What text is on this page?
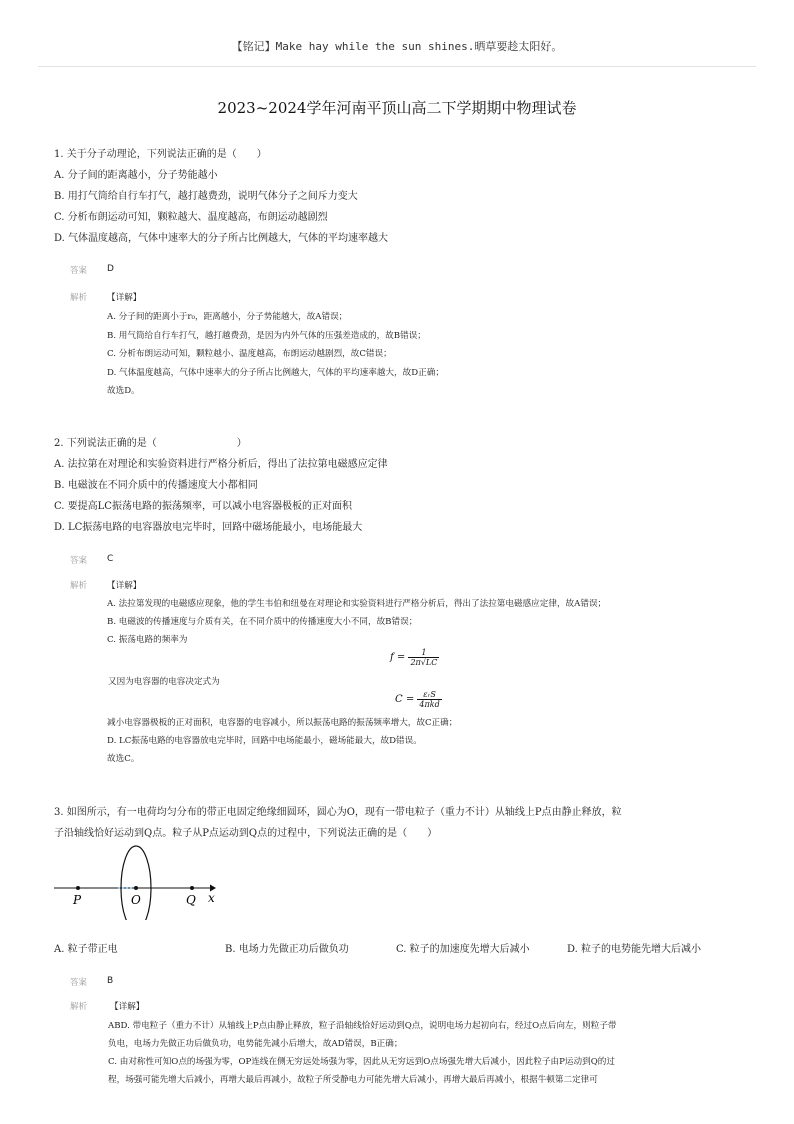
【铭记】Make hay while the sun shines.晒草要趁太阳好。
2023~2024学年河南平顶山高二下学期期中物理试卷
1. 关于分子动理论，下列说法正确的是（　　）
A. 分子间的距离越小，分子势能越小
B. 用打气筒给自行车打气，越打越费劲，说明气体分子之间斥力变大
C. 分析布朗运动可知，颗粒越大、温度越高，布朗运动越剧烈
D. 气体温度越高，气体中速率大的分子所占比例越大，气体的平均速率越大
答案 D
解析 【详解】
A. 分子间的距离小于r₀，距离越小，分子势能越大，故A错误；
B. 用气筒给自行车打气，越打越费劲，是因为内外气体的压强差造成的，故B错误；
C. 分析布朗运动可知，颗粒越小、温度越高，布朗运动越剧烈，故C错误；
D. 气体温度越高，气体中速率大的分子所占比例越大，气体的平均速率越大，故D正确；
故选D。
2. 下列说法正确的是（　　　　　　　　）
A. 法拉第在对理论和实验资料进行严格分析后，得出了法拉第电磁感应定律
B. 电磁波在不同介质中的传播速度大小都相同
C. 要提高LC振荡电路的振荡频率，可以减小电容器极板的正对面积
D. LC振荡电路的电容器放电完毕时，回路中磁场能最小，电场能最大
答案 C
解析 【详解】
A. 法拉第发现的电磁感应现象，他的学生韦伯和纽曼在对理论和实验资料进行严格分析后，得出了法拉第电磁感应定律，故A错误；
B. 电磁波的传播速度与介质有关，在不同介质中的传播速度大小不同，故B错误；
C. 振荡电路的频率为
$f = \frac{1}{2\pi√LC}$
又因为电容器的电容决定式为
$C = \frac{\text{εᵣS}}{\text{4πkd}}$
减小电容器极板的正对面积，电容器的电容减小，所以振荡电路的振荡频率增大，故C正确；
D. LC振荡电路的电容器放电完毕时，回路中电场能最小，磁场能最大，故D错误。
故选C。
3. 如图所示，有一电荷均匀分布的带正电固定绝缘细圆环，圆心为O，现有一带电粒子（重力不计）从轴线上P点由静止释放，粒
子沿轴线恰好运动到Q点。粒子从P点运动到Q点的过程中，下列说法正确的是（　　）
P	O	Q x
A. 粒子带正电	B. 电场力先做正功后做负功	C. 粒子的加速度先增大后减小	D. 粒子的电势能先增大后减小
答案 B
解析	【详解】
ABD. 带电粒子（重力不计）从轴线上P点由静止释放，粒子沿轴线恰好运动到Q点，说明电场力起初向右，经过O点后向左，则粒子带
负电，电场力先做正功后做负功，电势能先减小后增大，故AD错误，B正确；
C. 由对称性可知O点的场强为零，OP连线在侧无穷远处场强为零，因此从无穷远到O点场强先增大后减小，因此粒子由P运动到Q的过
程，场强可能先增大后减小，再增大最后再减小，故粒子所受静电力可能先增大后减小，再增大最后再减小，根据牛顿第二定律可
